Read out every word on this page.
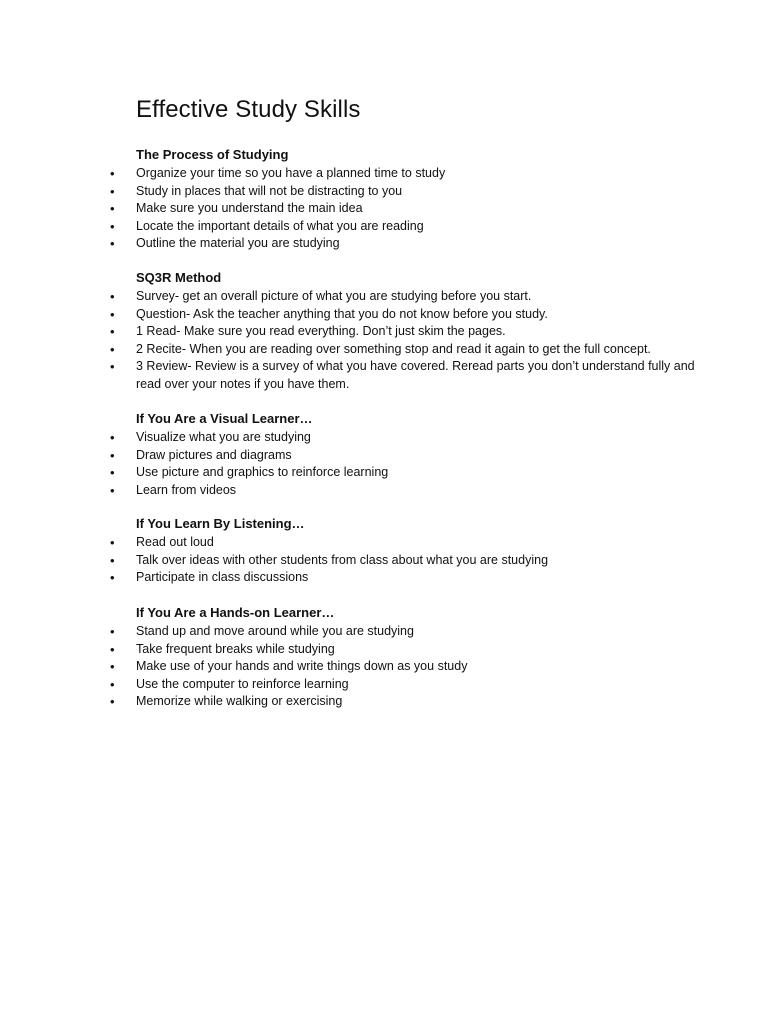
Effective Study Skills
The Process of Studying
• Organize your time so you have a planned time to study
• Study in places that will not be distracting to you
• Make sure you understand the main idea
• Locate the important details of what you are reading
• Outline the material you are studying
SQ3R Method
• Survey- get an overall picture of what you are studying before you start.
• Question- Ask the teacher anything that you do not know before you study.
• 1 Read- Make sure you read everything. Don’t just skim the pages.
• 2 Recite- When you are reading over something stop and read it again to get the full concept.
• 3 Review- Review is a survey of what you have covered. Reread parts you don’t understand fully and read over your notes if you have them.
If You Are a Visual Learner…
• Visualize what you are studying
• Draw pictures and diagrams
• Use picture and graphics to reinforce learning
• Learn from videos
If You Learn By Listening…
• Read out loud
• Talk over ideas with other students from class about what you are studying
• Participate in class discussions
If You Are a Hands-on Learner…
• Stand up and move around while you are studying
• Take frequent breaks while studying
• Make use of your hands and write things down as you study
• Use the computer to reinforce learning
• Memorize while walking or exercising
